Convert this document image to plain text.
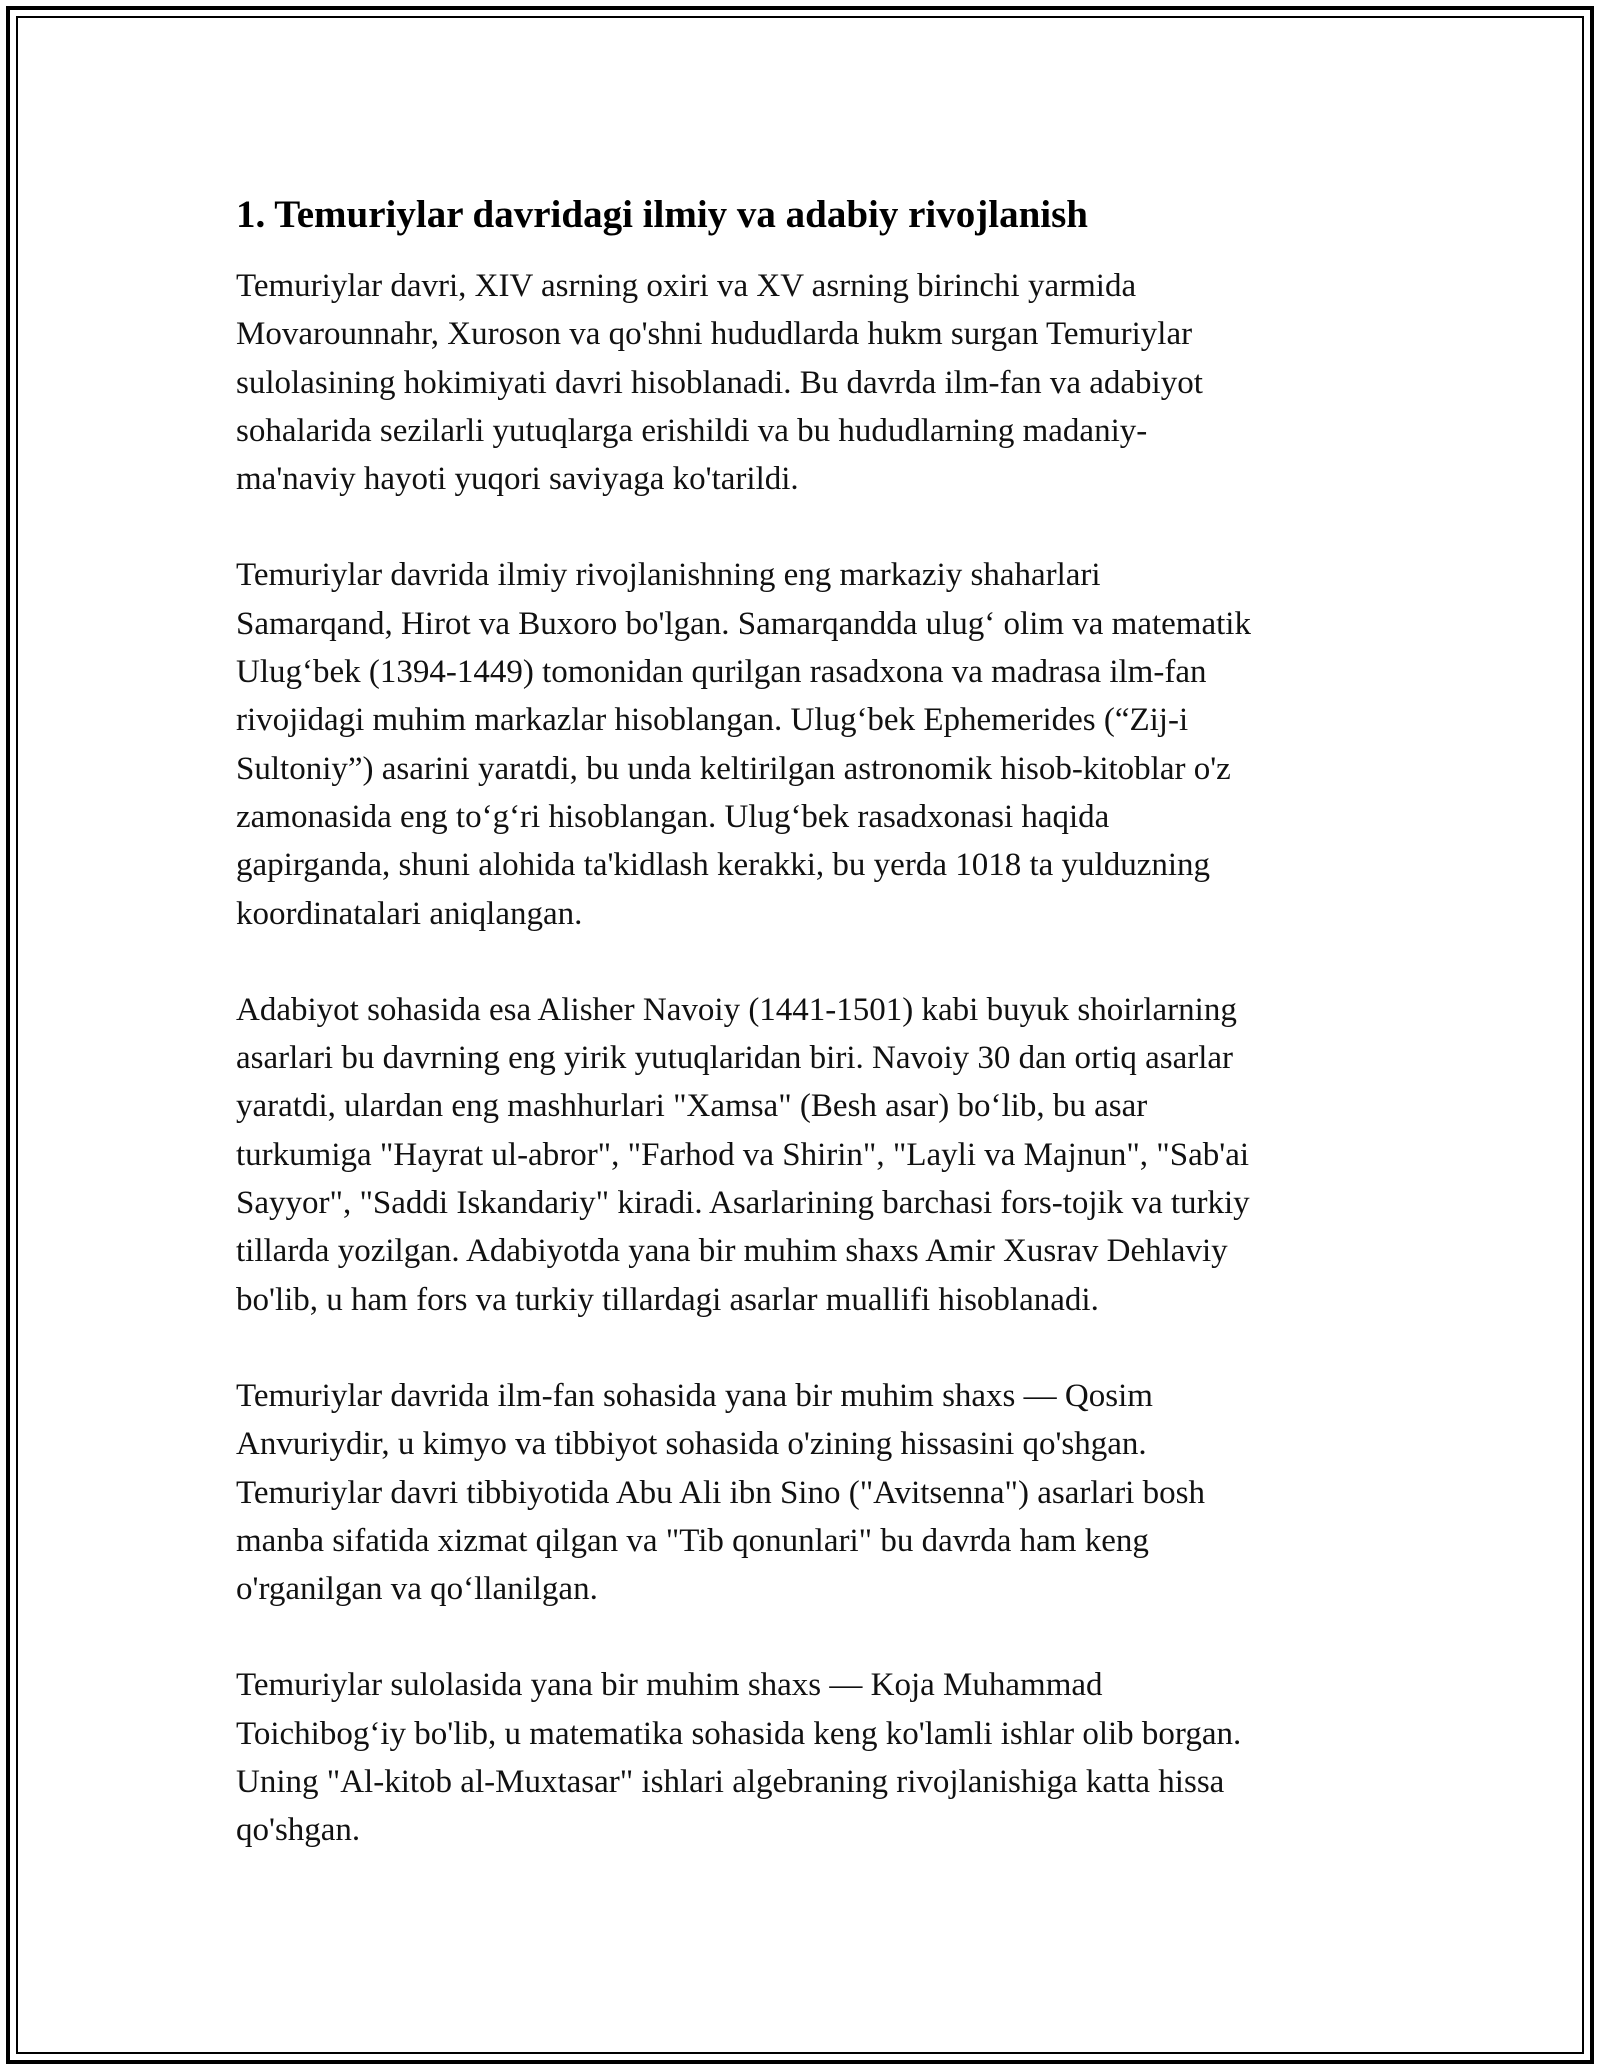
1. Temuriylar davridagi ilmiy va adabiy rivojlanish

Temuriylar davri, XIV asrning oxiri va XV asrning birinchi yarmida
Movarounnahr, Xuroson va qo'shni hududlarda hukm surgan Temuriylar
sulolasining hokimiyati davri hisoblanadi. Bu davrda ilm-fan va adabiyot
sohalarida sezilarli yutuqlarga erishildi va bu hududlarning madaniy-
ma'naviy hayoti yuqori saviyaga ko'tarildi.

Temuriylar davrida ilmiy rivojlanishning eng markaziy shaharlari
Samarqand, Hirot va Buxoro bo'lgan. Samarqandda ulug‘ olim va matematik
Ulug‘bek (1394-1449) tomonidan qurilgan rasadxona va madrasa ilm-fan
rivojidagi muhim markazlar hisoblangan. Ulug‘bek Ephemerides (“Zij-i
Sultoniy”) asarini yaratdi, bu unda keltirilgan astronomik hisob-kitoblar o'z
zamonasida eng to‘g‘ri hisoblangan. Ulug‘bek rasadxonasi haqida
gapirganda, shuni alohida ta'kidlash kerakki, bu yerda 1018 ta yulduzning
koordinatalari aniqlangan.

Adabiyot sohasida esa Alisher Navoiy (1441-1501) kabi buyuk shoirlarning
asarlari bu davrning eng yirik yutuqlaridan biri. Navoiy 30 dan ortiq asarlar
yaratdi, ulardan eng mashhurlari "Xamsa" (Besh asar) bo‘lib, bu asar
turkumiga "Hayrat ul-abror", "Farhod va Shirin", "Layli va Majnun", "Sab'ai
Sayyor", "Saddi Iskandariy" kiradi. Asarlarining barchasi fors-tojik va turkiy
tillarda yozilgan. Adabiyotda yana bir muhim shaxs Amir Xusrav Dehlaviy
bo'lib, u ham fors va turkiy tillardagi asarlar muallifi hisoblanadi.

Temuriylar davrida ilm-fan sohasida yana bir muhim shaxs — Qosim
Anvuriydir, u kimyo va tibbiyot sohasida o'zining hissasini qo'shgan.
Temuriylar davri tibbiyotida Abu Ali ibn Sino ("Avitsenna") asarlari bosh
manba sifatida xizmat qilgan va "Tib qonunlari" bu davrda ham keng
o'rganilgan va qo‘llanilgan.

Temuriylar sulolasida yana bir muhim shaxs — Koja Muhammad
Toichibog‘iy bo'lib, u matematika sohasida keng ko'lamli ishlar olib borgan.
Uning "Al-kitob al-Muxtasar" ishlari algebraning rivojlanishiga katta hissa
qo'shgan.
